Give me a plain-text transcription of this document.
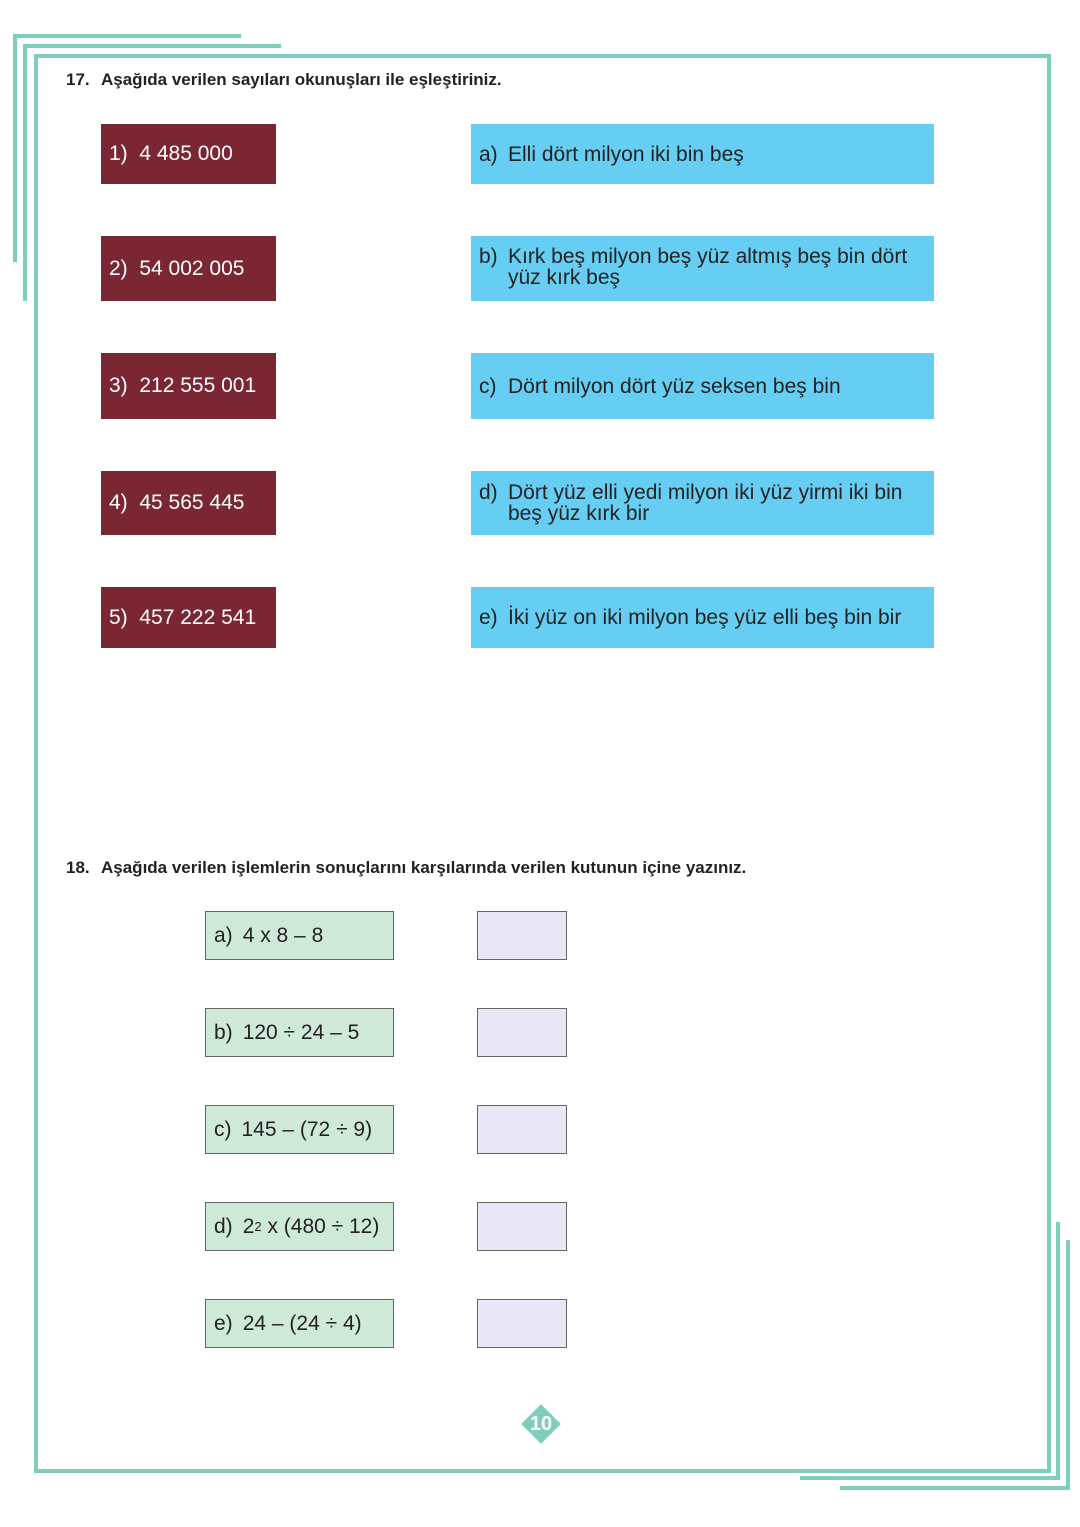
17. Aşağıda verilen sayıları okunuşları ile eşleştiriniz.
1)
4 485 000
2)
54 002 005
3)
212 555 001
4)
45 565 445
5)
457 222 541
a) Elli dört milyon iki bin beş
b) Kırk beş milyon beş yüz altmış beş bin dört yüz kırk beş
c) Dört milyon dört yüz seksen beş bin
d) Dört yüz elli yedi milyon iki yüz yirmi iki bin beş yüz kırk bir
e) İki yüz on iki milyon beş yüz elli beş bin bir
18. Aşağıda verilen işlemlerin sonuçlarını karşılarında verilen kutunun içine yazınız.
a) 4 x 8 – 8
b) 120 ÷ 24 – 5
c) 145 – (72 ÷ 9)
d) 2 2 x (480 ÷ 12)
e) 24 – (24 ÷ 4)
10
